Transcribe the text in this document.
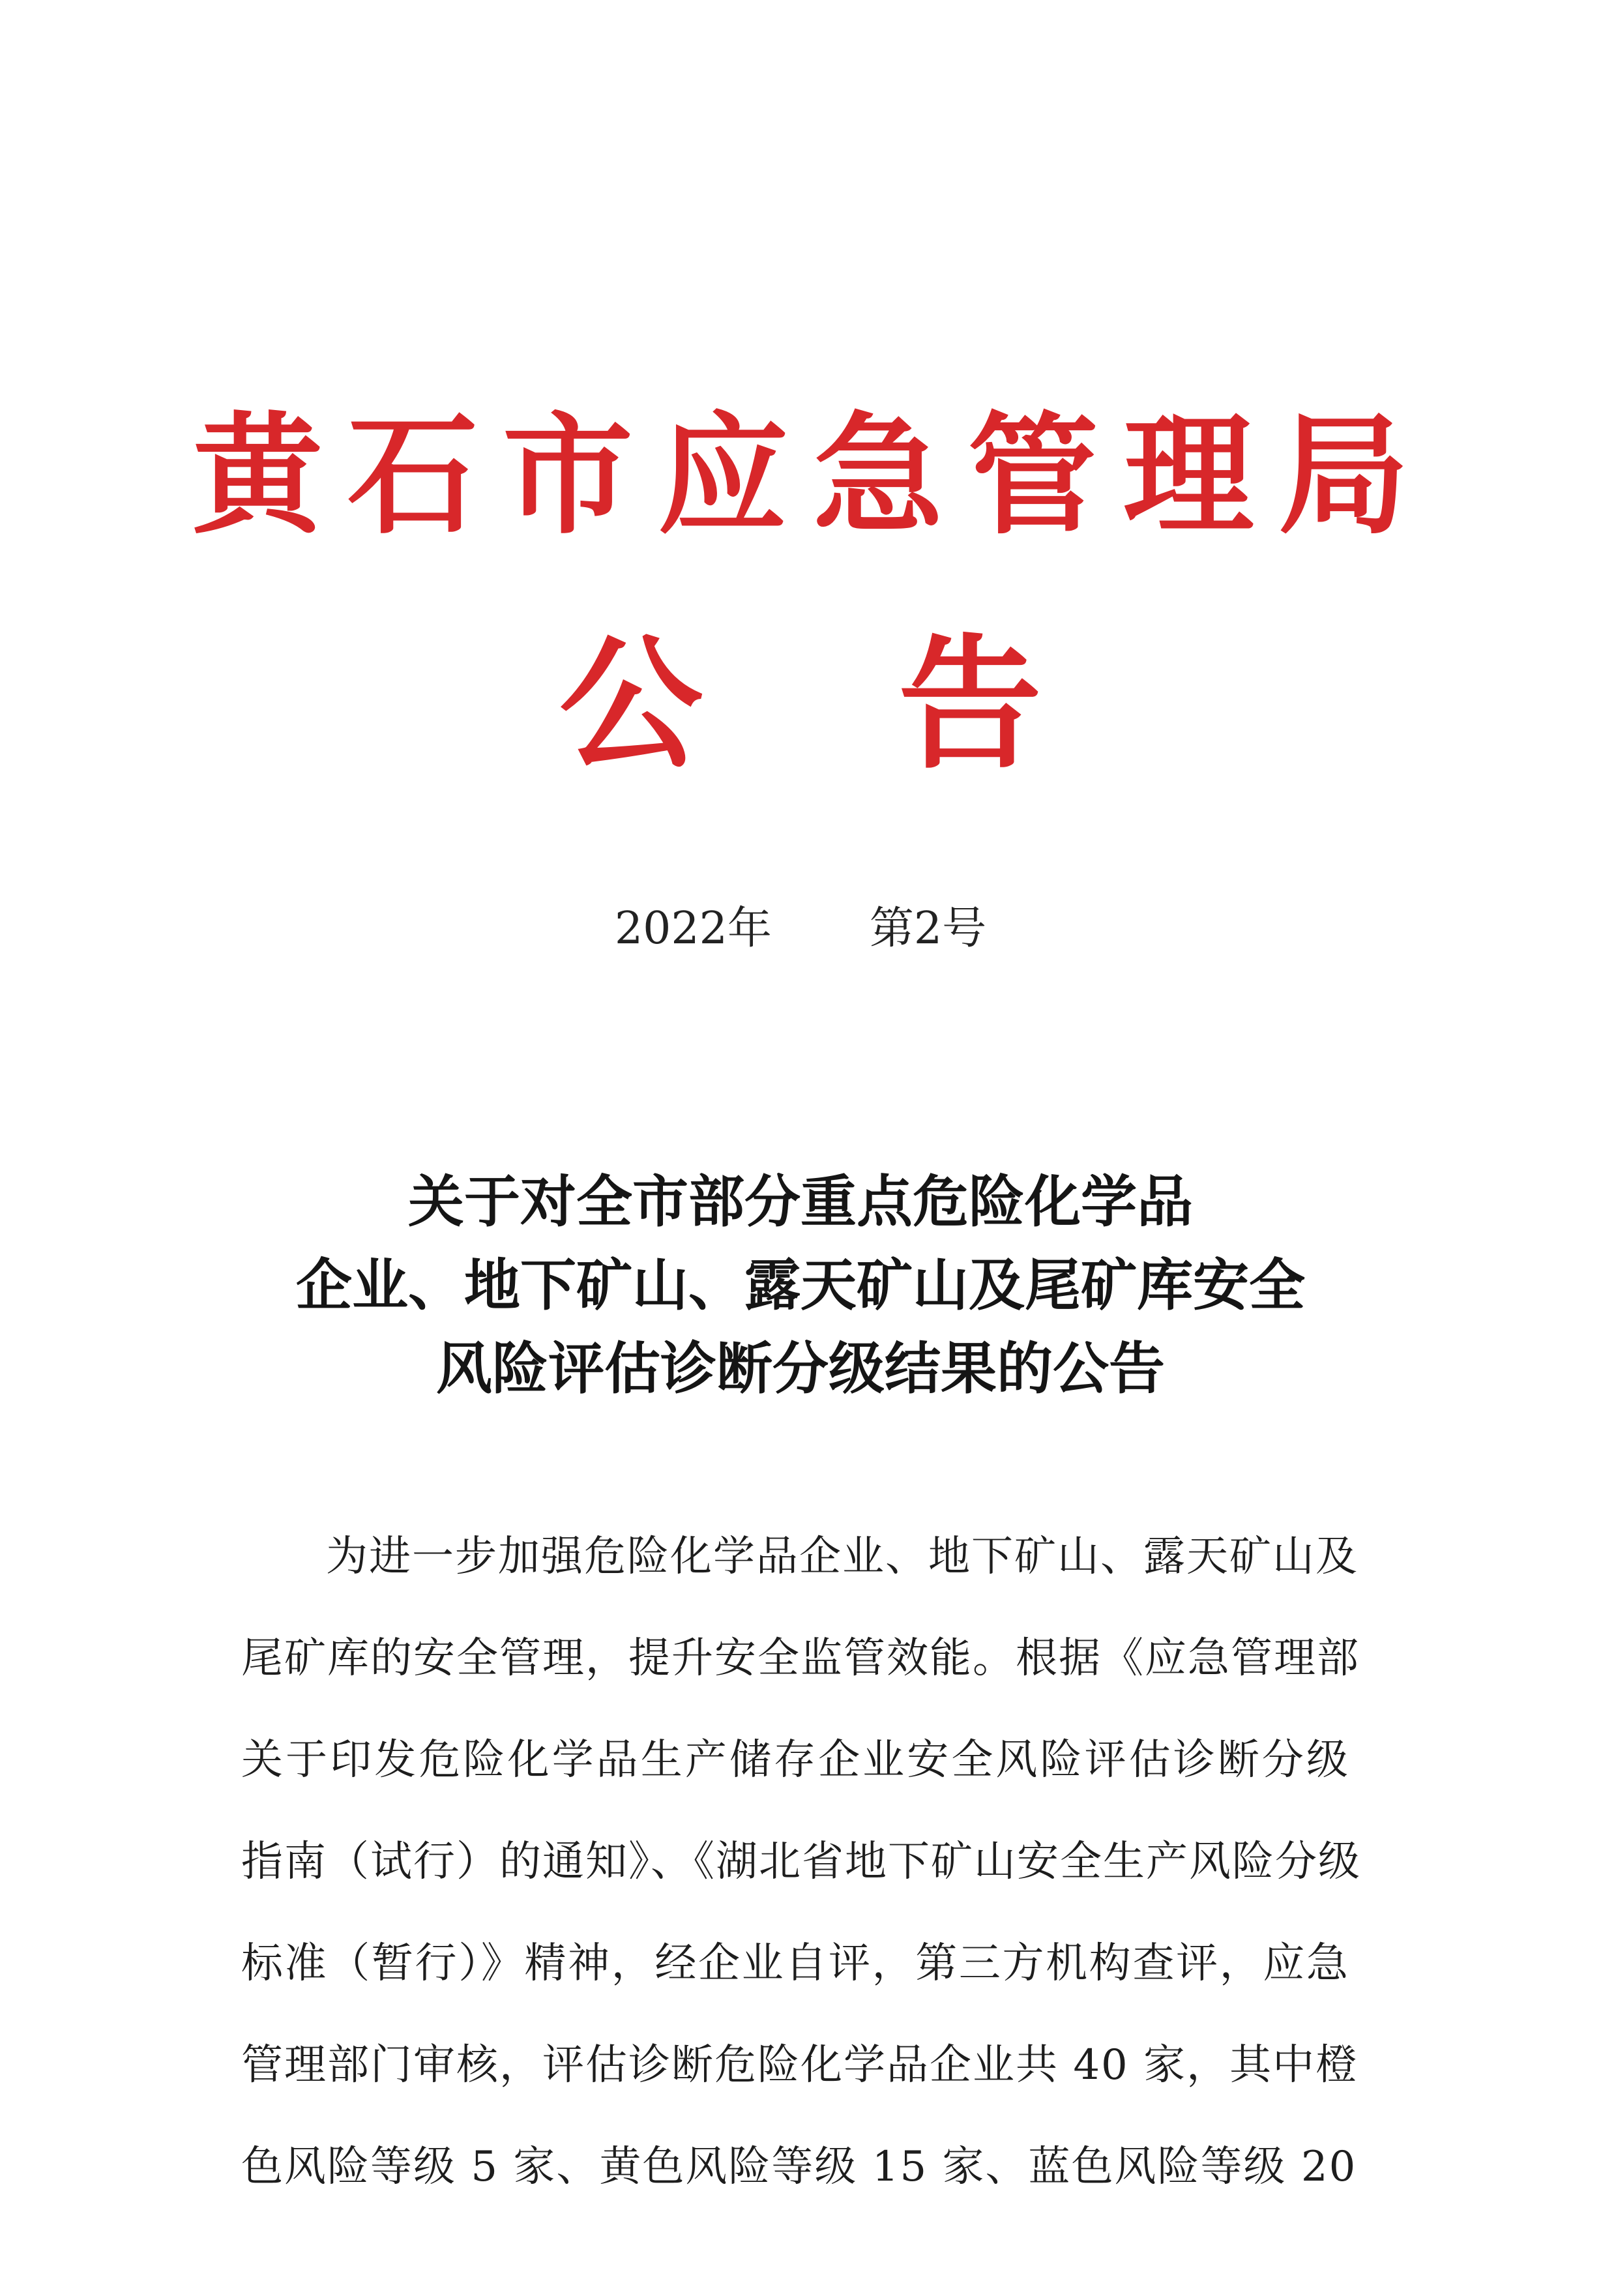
黄石市应急管理局
公告
2022年 第2号
关于对全市部分重点危险化学品
企业、地下矿山、露天矿山及尾矿库安全
风险评估诊断分级结果的公告
为进一步加强危险化学品企业、地下矿山、露天矿山及
尾矿库的安全管理，提升安全监管效能。根据《应急管理部
关于印发危险化学品生产储存企业安全风险评估诊断分级
指南（试行）的通知》、《湖北省地下矿山安全生产风险分级
标准（暂行）》精神，经企业自评，第三方机构查评，应急
管理部门审核，评估诊断危险化学品企业共 40 家，其中橙
色风险等级 5 家、黄色风险等级 15 家、蓝色风险等级 20
